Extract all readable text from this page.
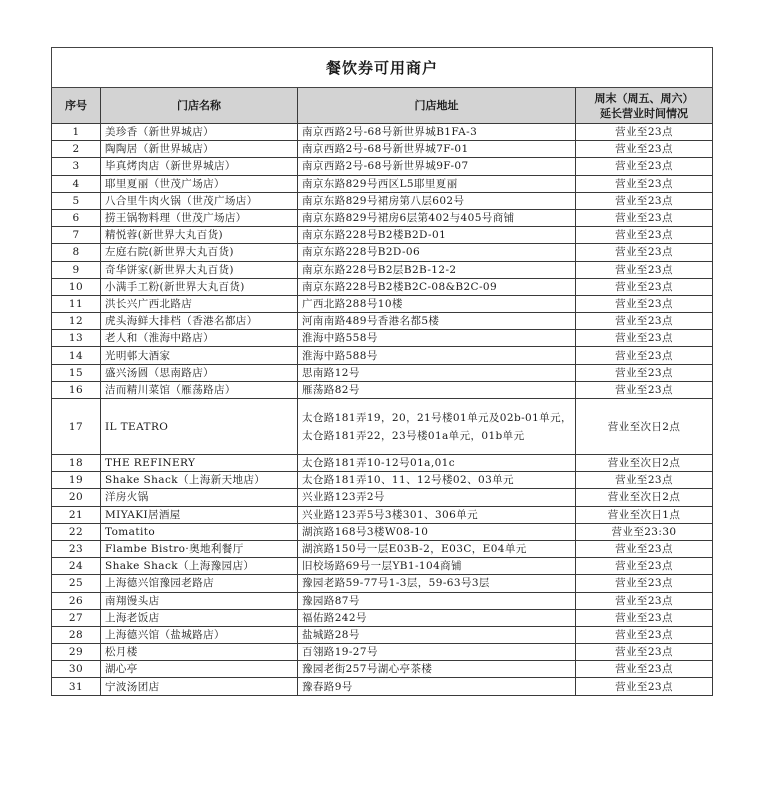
餐饮券可用商户			
序号	门店名称	门店地址	周末（周五、周六）
延长营业时间情况

1	美珍香（新世界城店）	南京西路2号-68号新世界城B1FA-3	营业至23点
2	陶陶居（新世界城店）	南京西路2号-68号新世界城7F-01	营业至23点
3	毕真烤肉店（新世界城店）	南京西路2号-68号新世界城9F-07	营业至23点
4	耶里夏丽（世茂广场店）	南京东路829号西区L5耶里夏丽	营业至23点
5	八合里牛肉火锅（世茂广场店）	南京东路829号裙房第八层602号	营业至23点
6	捞王锅物料理（世茂广场店）	南京东路829号裙房6层第402与405号商铺	营业至23点
7	精悦蓉(新世界大丸百货)	南京东路228号B2楼B2D-01	营业至23点
8	左庭右院(新世界大丸百货)	南京东路228号B2D-06	营业至23点
9	奇华饼家(新世界大丸百货)	南京东路228号B2层B2B-12-2	营业至23点
10	小满手工粉(新世界大丸百货)	南京东路228号B2楼B2C-08&B2C-09	营业至23点
11	洪长兴广西北路店	广西北路288号10楼	营业至23点
12	虎头海鲜大排档（香港名都店）	河南南路489号香港名都5楼	营业至23点
13	老人和（淮海中路店）	淮海中路558号	营业至23点
14	光明邨大酒家	淮海中路588号	营业至23点
15	盛兴汤圆（思南路店）	思南路12号	营业至23点
16	洁而精川菜馆（雁荡路店）	雁荡路82号	营业至23点
17	IL TEATRO	太仓路181弄19，20，21号楼01单元及02b-01单元，太仓路181弄22，23号楼01a单元，01b单元	营业至次日2点
18	THE REFINERY	太仓路181弄10-12号01a,01c	营业至次日2点
19	Shake Shack（上海新天地店）	太仓路181弄10、11、12号楼02、03单元	营业至23点
20	洋房火锅	兴业路123弄2号	营业至次日2点
21	MIYAKI居酒屋	兴业路123弄5号3楼301、306单元	营业至次日1点
22	Tomatito	湖滨路168号3楼W08-10	营业至23:30
23	Flambe Bistro·奥地利餐厅	湖滨路150号一层E03B-2，E03C，E04单元	营业至23点
24	Shake Shack（上海豫园店）	旧校场路69号一层YB1-104商铺	营业至23点
25	上海德兴馆豫园老路店	豫园老路59-77号1-3层，59-63号3层	营业至23点
26	南翔馒头店	豫园路87号	营业至23点
27	上海老饭店	福佑路242号	营业至23点
28	上海德兴馆（盐城路店）	盐城路28号	营业至23点
29	松月楼	百翎路19-27号	营业至23点
30	湖心亭	豫园老街257号湖心亭茶楼	营业至23点
31	宁波汤团店	豫春路9号	营业至23点
